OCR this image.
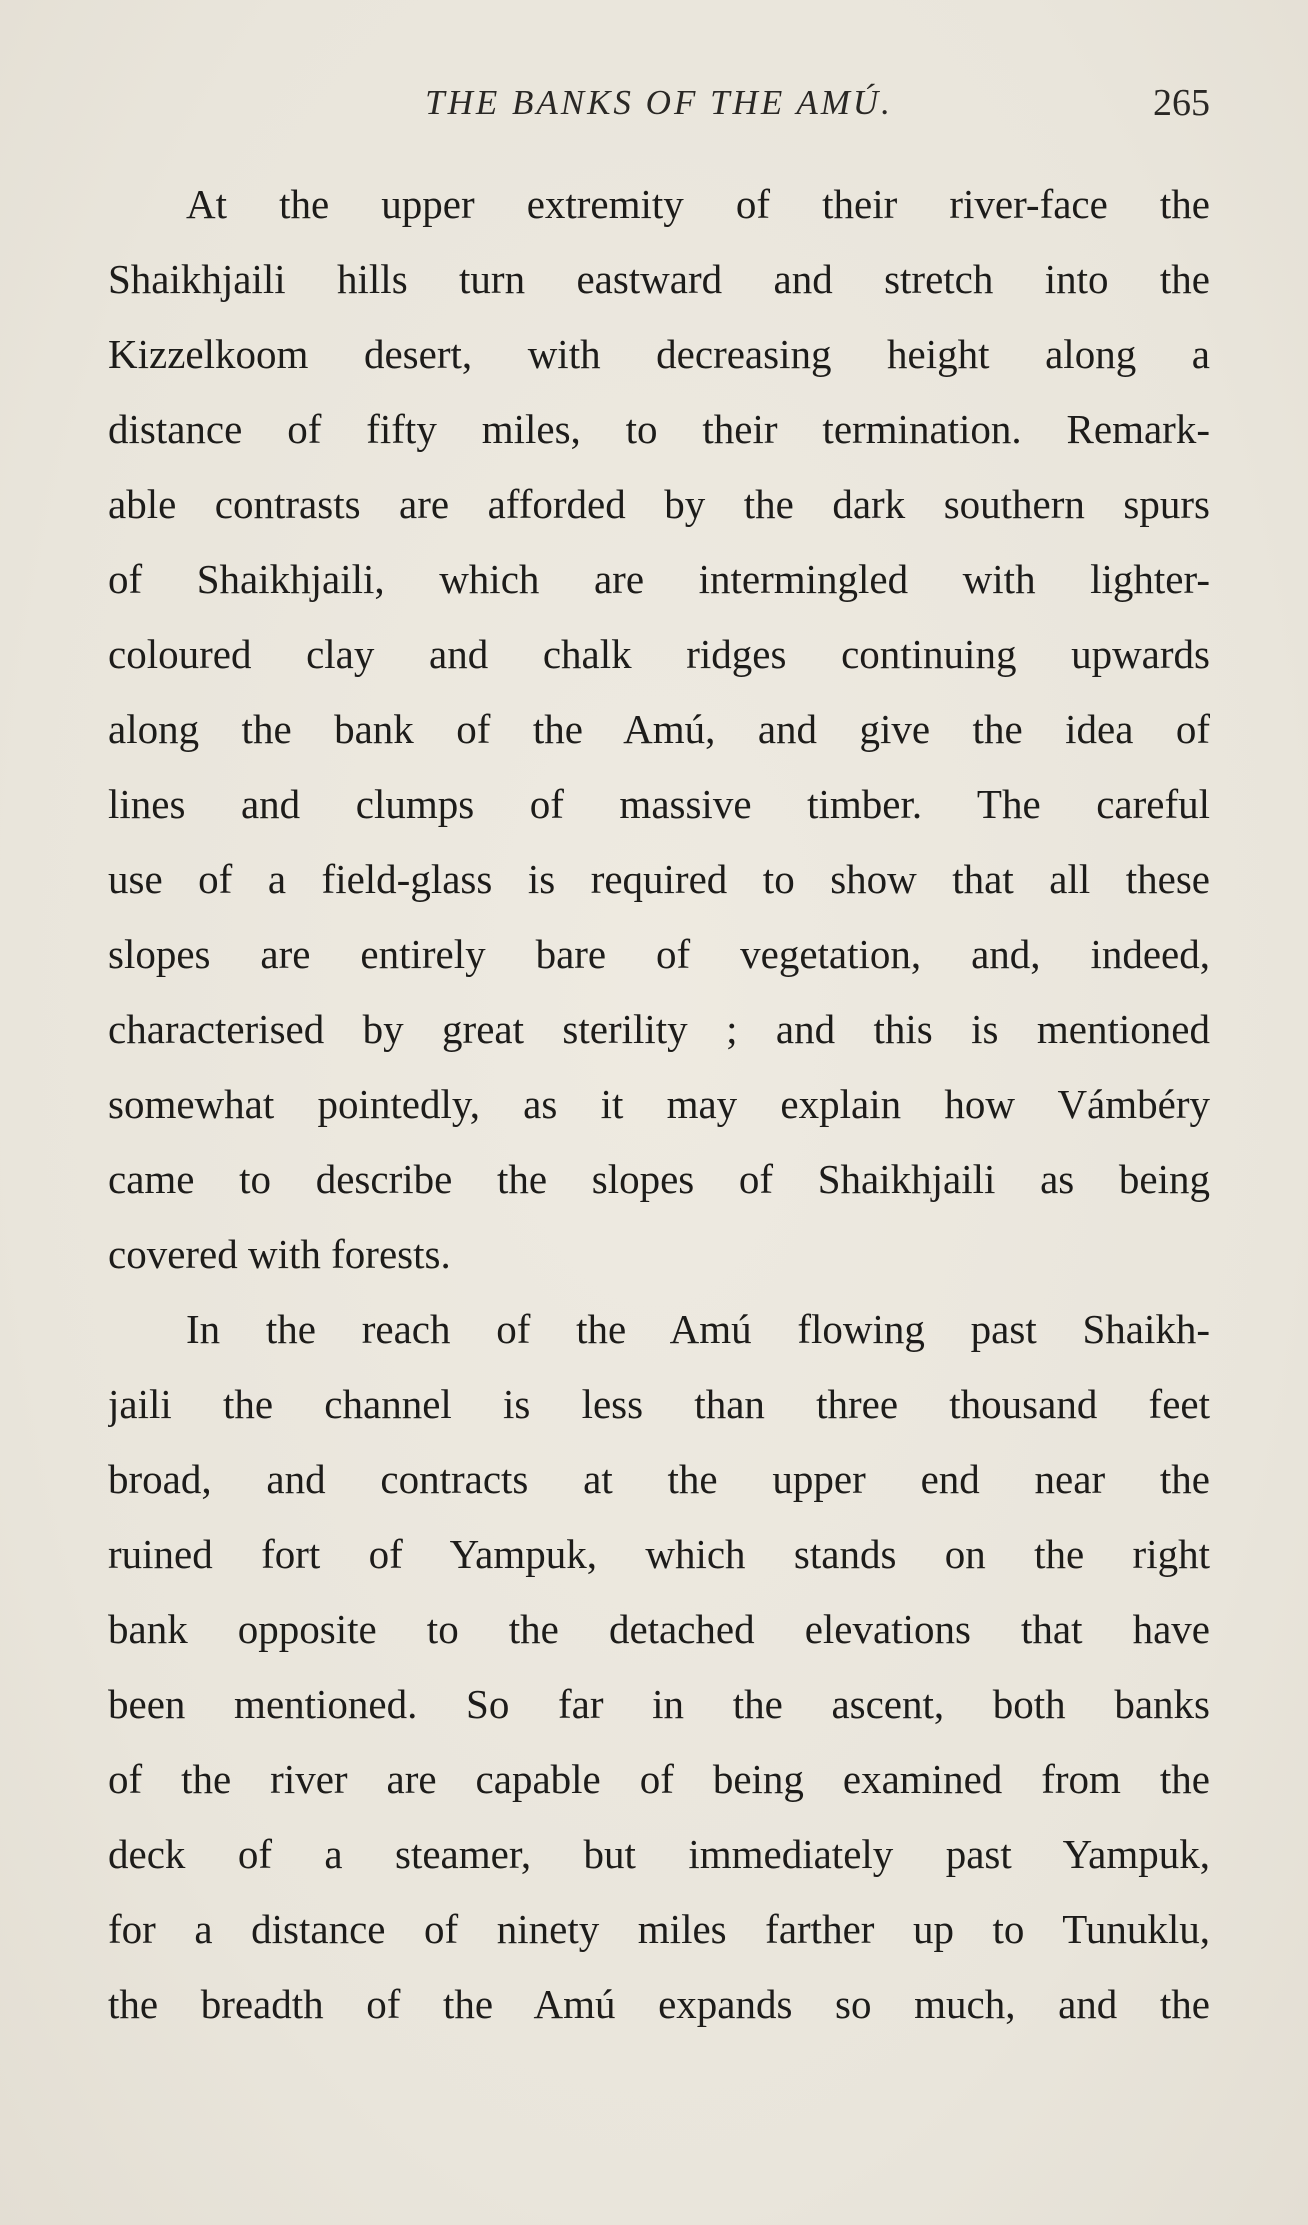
THE BANKS OF THE AMÚ.	265
At the upper extremity of their river-face the
Shaikhjaili hills turn eastward and stretch into the
Kizzelkoom desert, with decreasing height along a
distance of fifty miles, to their termination. Remark-
able contrasts are afforded by the dark southern spurs
of Shaikhjaili, which are intermingled with lighter-
coloured clay and chalk ridges continuing upwards
along the bank of the Amú, and give the idea of
lines and clumps of massive timber. The careful
use of a field-glass is required to show that all these
slopes are entirely bare of vegetation, and, indeed,
characterised by great sterility ; and this is mentioned
somewhat pointedly, as it may explain how Vámbéry
came to describe the slopes of Shaikhjaili as being
covered with forests.
In the reach of the Amú flowing past Shaikh-
jaili the channel is less than three thousand feet
broad, and contracts at the upper end near the
ruined fort of Yampuk, which stands on the right
bank opposite to the detached elevations that have
been mentioned. So far in the ascent, both banks
of the river are capable of being examined from the
deck of a steamer, but immediately past Yampuk,
for a distance of ninety miles farther up to Tunuklu,
the breadth of the Amú expands so much, and the
